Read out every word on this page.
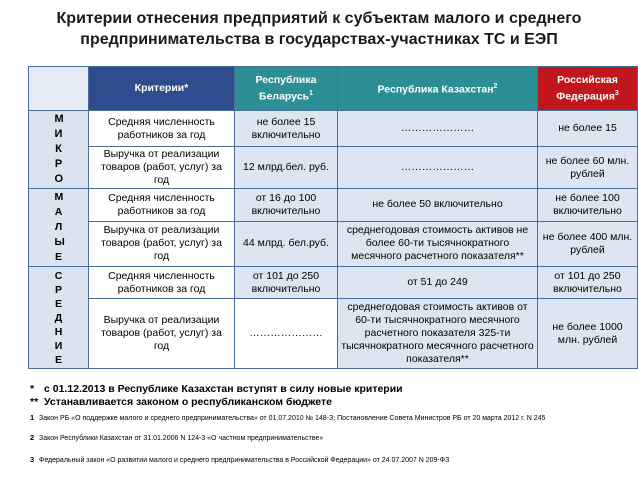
Критерии отнесения предприятий к субъектам малого и среднего
предпринимательства в государствах-участниках ТС и ЕЭП
	Критерии*	Республика Беларусь$^1$	Республика Казахстан$^2$	Российская Федерация$^3$
М И К Р О	Средняя численность работников за год	не более 15 включительно	…………………	не более 15
	Выручка от реализации товаров (работ, услуг) за год	12 млрд.бел. руб.	…………………	не более 60 млн. рублей
М А Л Ы Е	Средняя численность работников за год	от 16 до 100 включительно	не более 50 включительно	не более 100 включительно
	Выручка от реализации товаров (работ, услуг) за год	44 млрд. бел.руб.	среднегодовая стоимость активов не более 60-ти тысячнократного месячного расчетного показателя**	не более 400 млн. рублей
С Р Е Д Н И Е	Средняя численность работников за год	от 101 до 250 включительно	от 51 до 249	от 101 до 250 включительно
	Выручка от реализации товаров (работ, услуг) за год	…………………	среднегодовая стоимость активов от 60-ти тысячнократного месячного расчетного показателя 325-ти тысячнократного месячного расчетного показателя**	не более 1000 млн. рублей
* с 01.12.2013 в Республике Казахстан вступят в силу новые критерии
** Устанавливается законом о республиканском бюджете
1 Закон РБ «О поддержке малого и среднего предпринимательства» от 01.07.2010 № 148-З; Постановление Совета Министров РБ от 20 марта 2012 г. N 245
2 Закон Республики Казахстан от 31.01.2006 N 124-3 «О частном предпринимательстве»
3 Федеральный закон «О развитии малого и среднего предпринимательства в Российской Федерации» от 24.07.2007 N 209-ФЗ
